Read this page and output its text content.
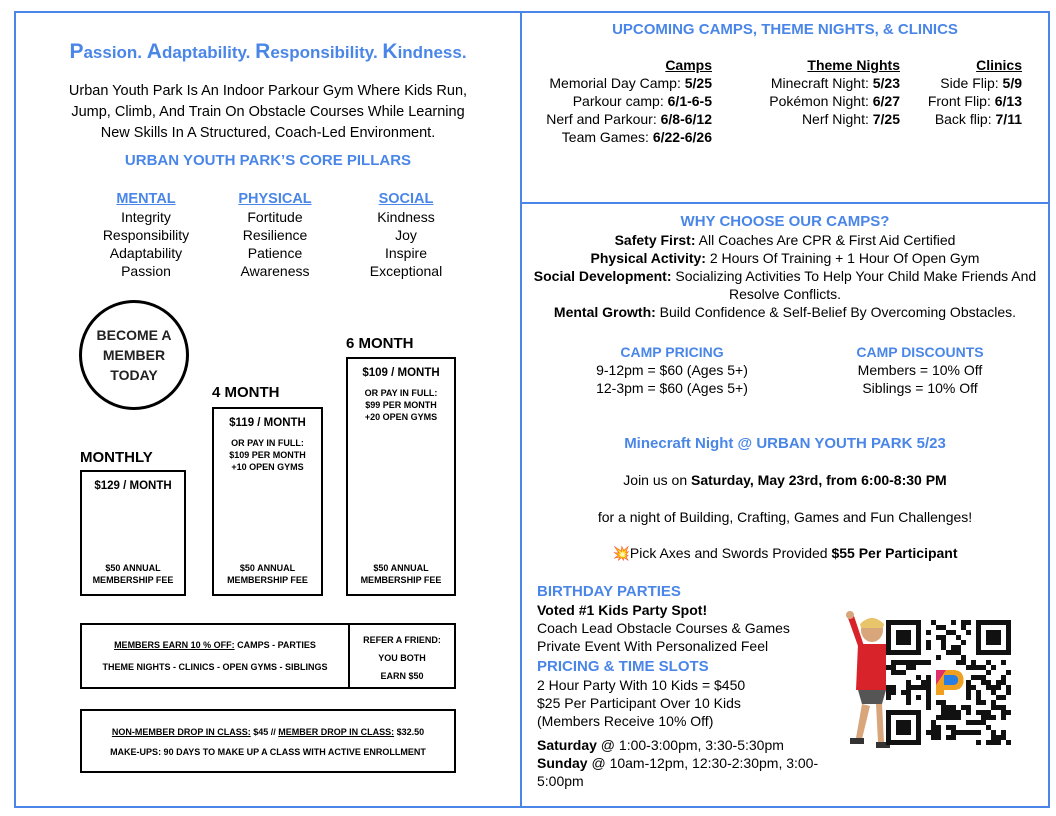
Passion. Adaptability. Responsibility. Kindness.
Urban Youth Park Is An Indoor Parkour Gym Where Kids Run, Jump, Climb, And Train On Obstacle Courses While Learning New Skills In A Structured, Coach-Led Environment.
URBAN YOUTH PARK’S CORE PILLARS
MENTAL
Integrity
Responsibility
Adaptability
Passion
PHYSICAL
Fortitude
Resilience
Patience
Awareness
SOCIAL
Kindness
Joy
Inspire
Exceptional
BECOME A MEMBER TODAY
6 MONTH
$109 / MONTH
OR PAY IN FULL:
$99 PER MONTH
+20 OPEN GYMS
$50 ANNUAL MEMBERSHIP FEE
4 MONTH
$119 / MONTH
OR PAY IN FULL:
$109 PER MONTH
+10 OPEN GYMS
$50 ANNUAL MEMBERSHIP FEE
MONTHLY
$129 / MONTH
$50 ANNUAL MEMBERSHIP FEE
MEMBERS EARN 10 % OFF: CAMPS - PARTIES
THEME NIGHTS - CLINICS - OPEN GYMS - SIBLINGS
REFER A FRIEND:
YOU BOTH
EARN $50
NON-MEMBER DROP IN CLASS: $45 // MEMBER DROP IN CLASS: $32.50
MAKE-UPS: 90 DAYS TO MAKE UP A CLASS WITH ACTIVE ENROLLMENT
UPCOMING CAMPS, THEME NIGHTS, & CLINICS
Camps
Memorial Day Camp: 5/25
Parkour camp: 6/1-6-5
Nerf and Parkour: 6/8-6/12
Team Games: 6/22-6/26
Theme Nights
Minecraft Night: 5/23
Pokémon Night: 6/27
Nerf Night: 7/25
Clinics
Side Flip: 5/9
Front Flip: 6/13
Back flip: 7/11
WHY CHOOSE OUR CAMPS?

Safety First: All Coaches Are CPR & First Aid Certified

Physical Activity: 2 Hours Of Training + 1 Hour Of Open Gym

Social Development: Socializing Activities To Help Your Child Make Friends And Resolve Conflicts.

Mental Growth: Build Confidence & Self-Belief By Overcoming Obstacles.

CAMP PRICING
9-12pm = $60 (Ages 5+)
12-3pm = $60 (Ages 5+)
CAMP DISCOUNTS
Members = 10% Off
Siblings = 10% Off
Minecraft Night @ URBAN YOUTH PARK 5/23
Join us on Saturday, May 23rd, from 6:00-8:30 PM
for a night of Building, Crafting, Games and Fun Challenges!
💥Pick Axes and Swords Provided $55 Per Participant
BIRTHDAY PARTIES
Voted #1 Kids Party Spot!
Coach Lead Obstacle Courses & Games
Private Event With Personalized Feel
PRICING & TIME SLOTS
2 Hour Party With 10 Kids = $450
$25 Per Participant Over 10 Kids
(Members Receive 10% Off)
Saturday @ 1:00-3:00pm, 3:30-5:30pm
Sunday @ 10am-12pm, 12:30-2:30pm, 3:00-5:00pm
